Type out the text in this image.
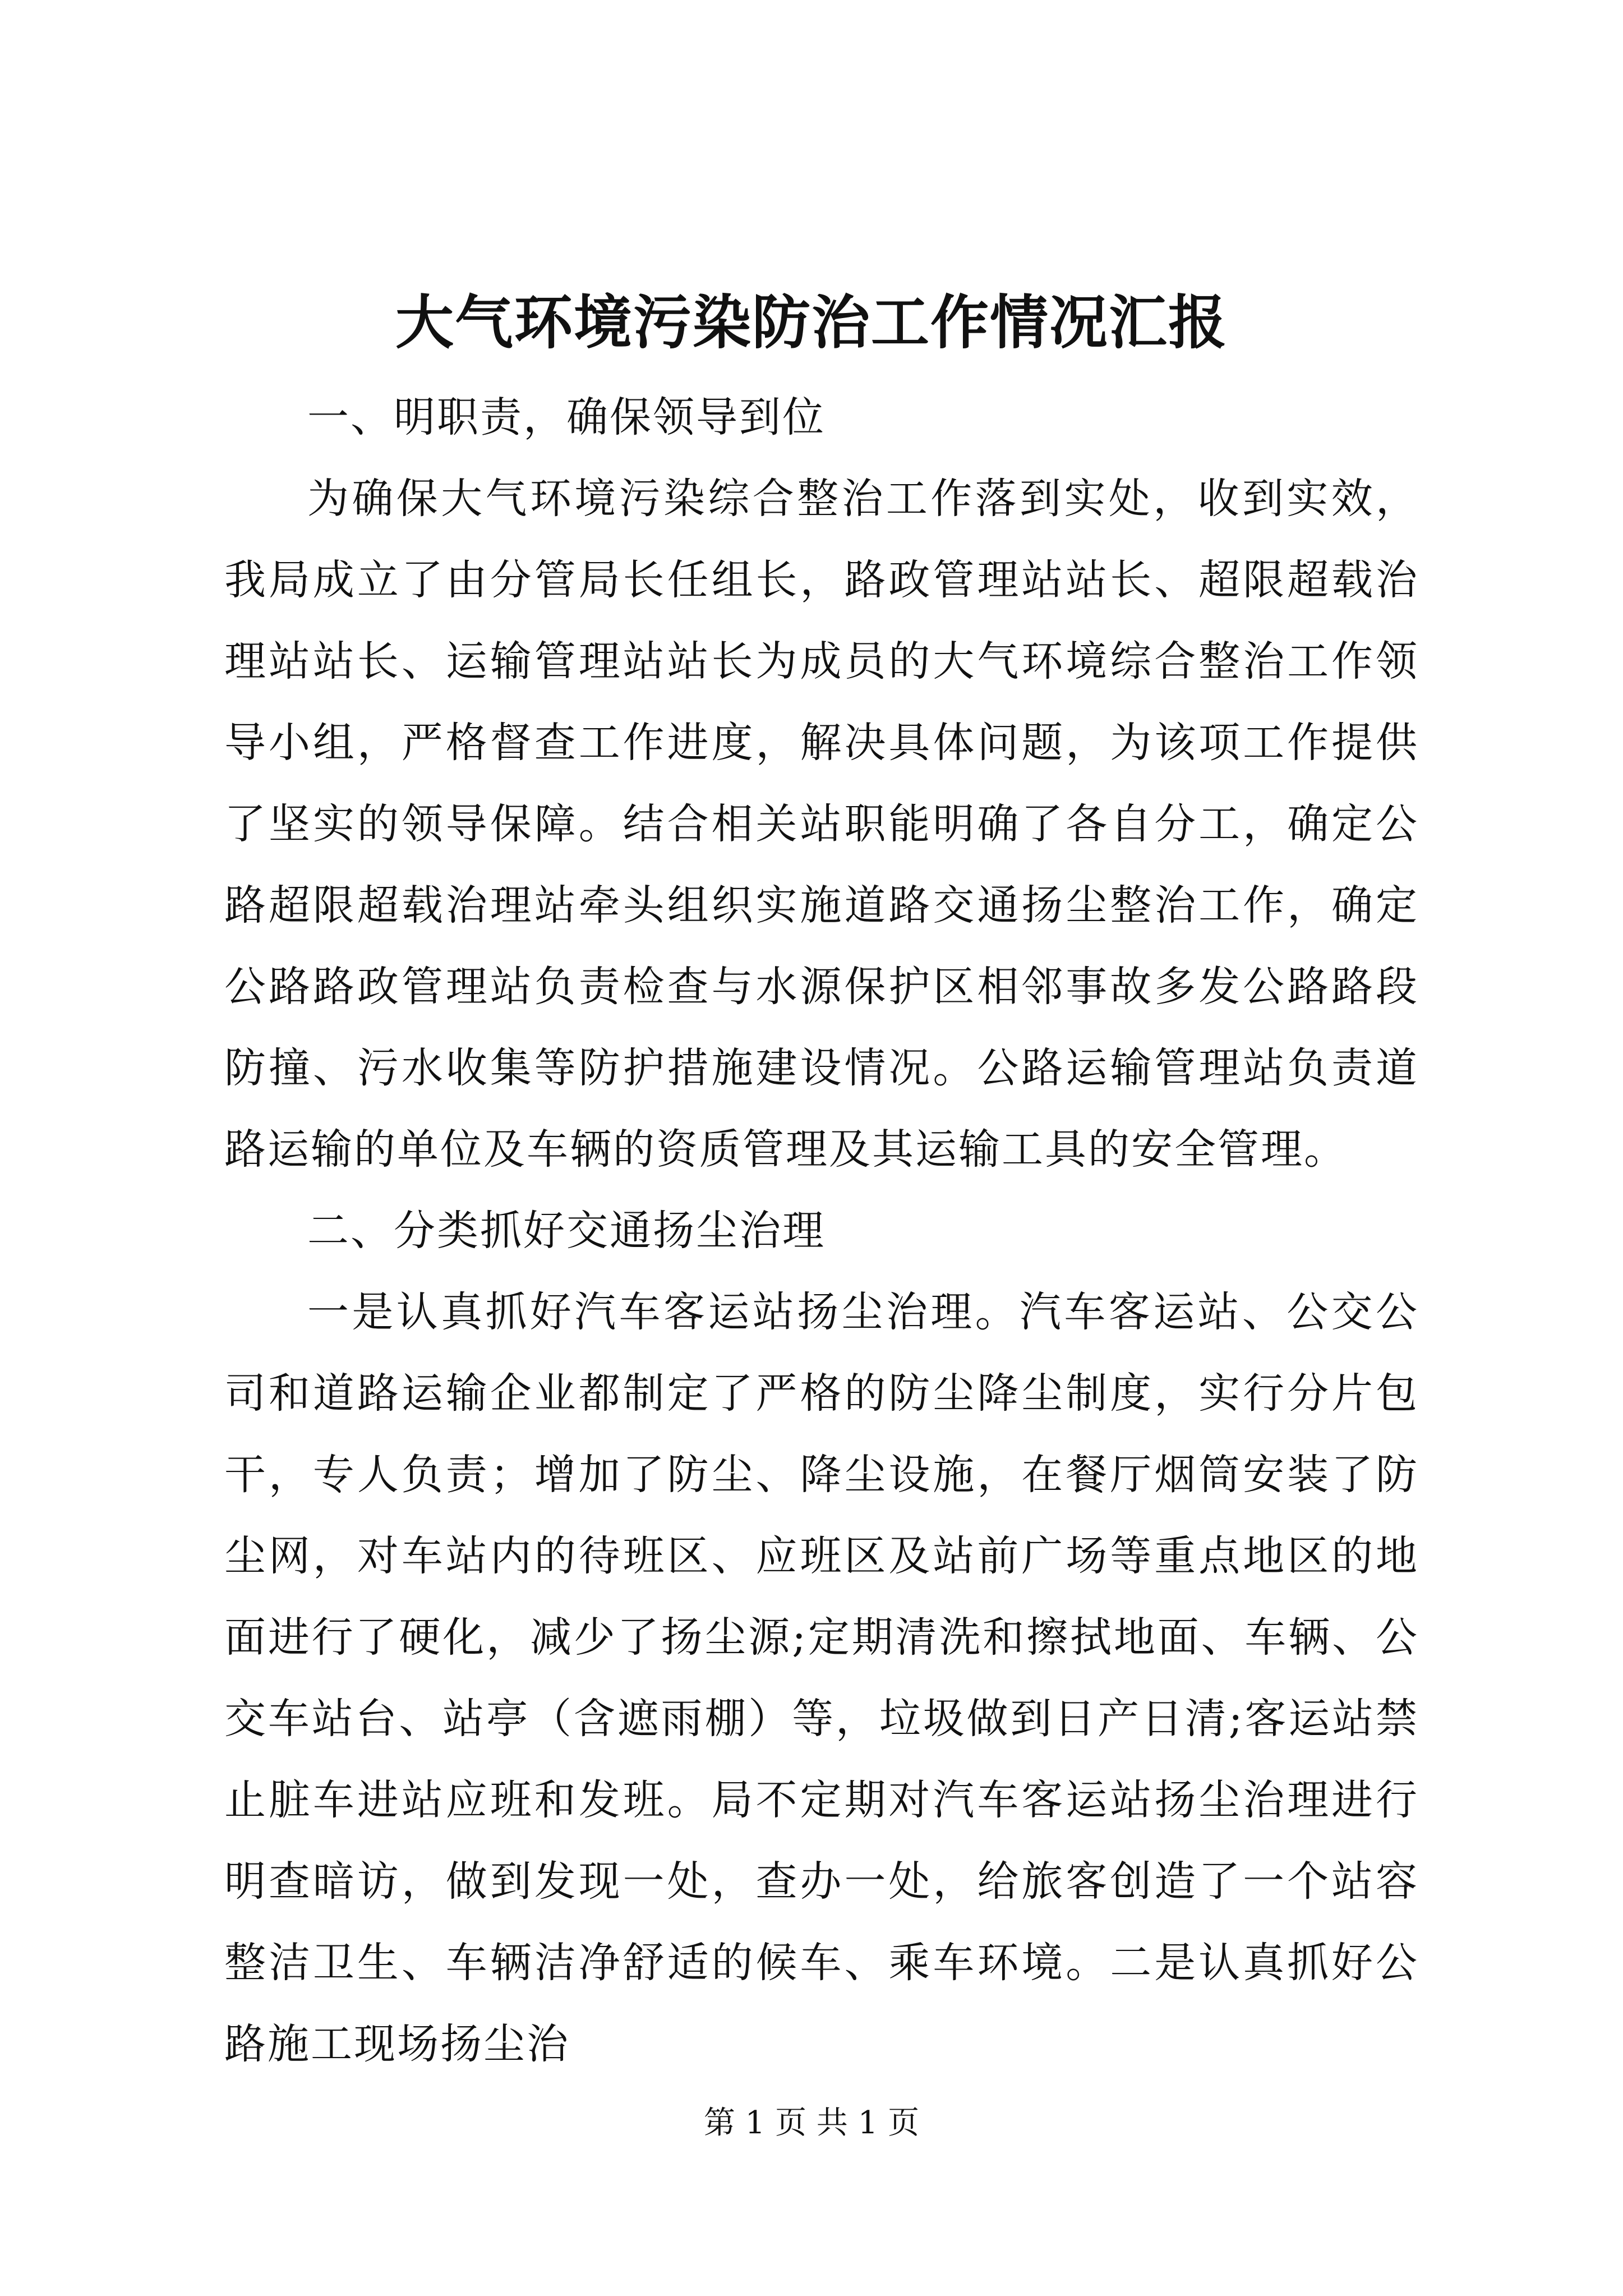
大气环境污染防治工作情况汇报

一、明职责，确保领导到位

为确保大气环境污染综合整治工作落到实处，收到实效，我局成立了由分管局长任组长，路政管理站站长、超限超载治理站站长、运输管理站站长为成员的大气环境综合整治工作领导小组，严格督查工作进度，解决具体问题，为该项工作提供了坚实的领导保障。结合相关站职能明确了各自分工，确定公路超限超载治理站牵头组织实施道路交通扬尘整治工作，确定公路路政管理站负责检查与水源保护区相邻事故多发公路路段防撞、污水收集等防护措施建设情况。公路运输管理站负责道路运输的单位及车辆的资质管理及其运输工具的安全管理。

二、分类抓好交通扬尘治理

一是认真抓好汽车客运站扬尘治理。汽车客运站、公交公司和道路运输企业都制定了严格的防尘降尘制度，实行分片包干，专人负责；增加了防尘、降尘设施，在餐厅烟筒安装了防尘网，对车站内的待班区、应班区及站前广场等重点地区的地面进行了硬化，减少了扬尘源;定期清洗和擦拭地面、车辆、公交车站台、站亭（含遮雨棚）等，垃圾做到日产日清;客运站禁止脏车进站应班和发班。局不定期对汽车客运站扬尘治理进行明查暗访，做到发现一处，查办一处，给旅客创造了一个站容整洁卫生、车辆洁净舒适的候车、乘车环境。二是认真抓好公路施工现场扬尘治

第 1 页 共 1 页
